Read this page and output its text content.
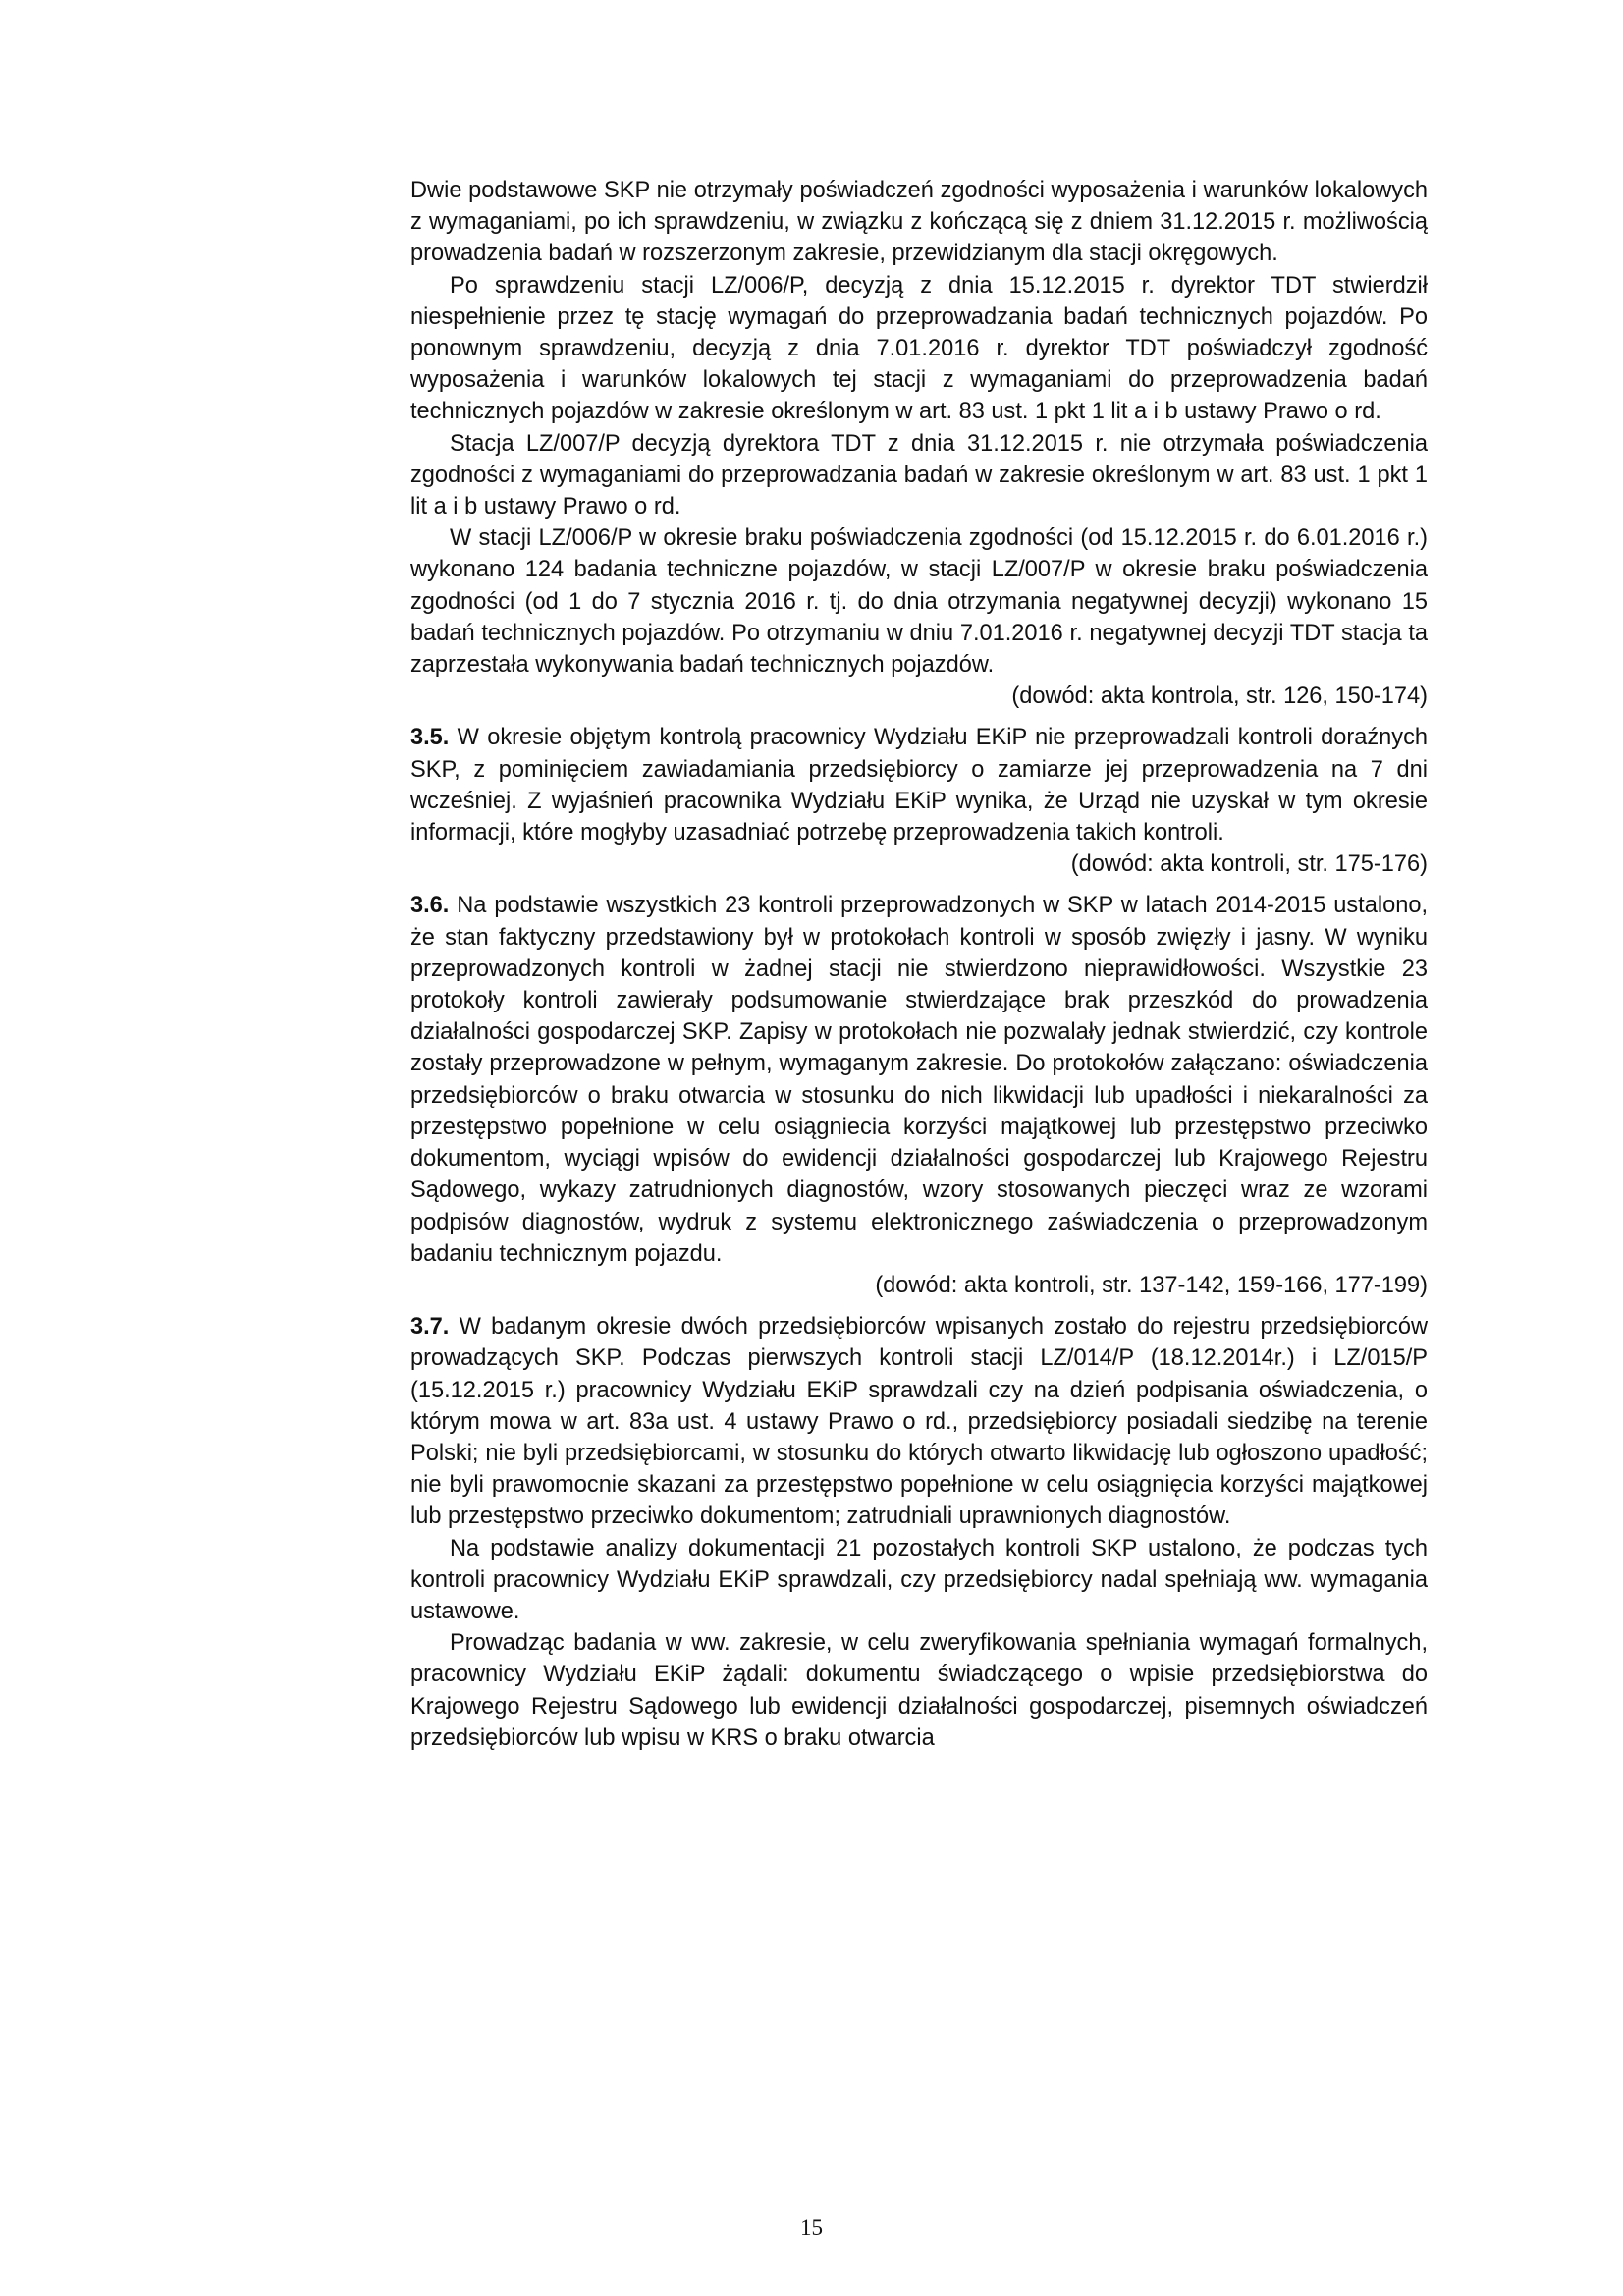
Dwie podstawowe SKP nie otrzymały poświadczeń zgodności wyposażenia i warunków lokalowych z wymaganiami, po ich sprawdzeniu, w związku z kończącą się z dniem 31.12.2015 r. możliwością prowadzenia badań w rozszerzonym zakresie, przewidzianym dla stacji okręgowych.

Po sprawdzeniu stacji LZ/006/P, decyzją z dnia 15.12.2015 r. dyrektor TDT stwierdził niespełnienie przez tę stację wymagań do przeprowadzania badań technicznych pojazdów. Po ponownym sprawdzeniu, decyzją z dnia 7.01.2016 r. dyrektor TDT poświadczył zgodność wyposażenia i warunków lokalowych tej stacji z wymaganiami do przeprowadzenia badań technicznych pojazdów w zakresie określonym w art. 83 ust. 1 pkt 1 lit a i b ustawy Prawo o rd.

Stacja LZ/007/P decyzją dyrektora TDT z dnia 31.12.2015 r. nie otrzymała poświadczenia zgodności z wymaganiami do przeprowadzania badań w zakresie określonym w art. 83 ust. 1 pkt 1 lit a i b ustawy Prawo o rd.

W stacji LZ/006/P w okresie braku poświadczenia zgodności (od 15.12.2015 r. do 6.01.2016 r.) wykonano 124 badania techniczne pojazdów, w stacji LZ/007/P w okresie braku poświadczenia zgodności (od 1 do 7 stycznia 2016 r. tj. do dnia otrzymania negatywnej decyzji) wykonano 15 badań technicznych pojazdów. Po otrzymaniu w dniu 7.01.2016 r. negatywnej decyzji TDT stacja ta zaprzestała wykonywania badań technicznych pojazdów.

(dowód: akta kontrola, str. 126, 150-174)

3.5. W okresie objętym kontrolą pracownicy Wydziału EKiP nie przeprowadzali kontroli doraźnych SKP, z pominięciem zawiadamiania przedsiębiorcy o zamiarze jej przeprowadzenia na 7 dni wcześniej. Z wyjaśnień pracownika Wydziału EKiP wynika, że Urząd nie uzyskał w tym okresie informacji, które mogłyby uzasadniać potrzebę przeprowadzenia takich kontroli.

(dowód: akta kontroli, str. 175-176)

3.6. Na podstawie wszystkich 23 kontroli przeprowadzonych w SKP w latach 2014-2015 ustalono, że stan faktyczny przedstawiony był w protokołach kontroli w sposób zwięzły i jasny. W wyniku przeprowadzonych kontroli w żadnej stacji nie stwierdzono nieprawidłowości. Wszystkie 23 protokoły kontroli zawierały podsumowanie stwierdzające brak przeszkód do prowadzenia działalności gospodarczej SKP. Zapisy w protokołach nie pozwalały jednak stwierdzić, czy kontrole zostały przeprowadzone w pełnym, wymaganym zakresie. Do protokołów załączano: oświadczenia przedsiębiorców o braku otwarcia w stosunku do nich likwidacji lub upadłości i niekaralności za przestępstwo popełnione w celu osiągniecia korzyści majątkowej lub przestępstwo przeciwko dokumentom, wyciągi wpisów do ewidencji działalności gospodarczej lub Krajowego Rejestru Sądowego, wykazy zatrudnionych diagnostów, wzory stosowanych pieczęci wraz ze wzorami podpisów diagnostów, wydruk z systemu elektronicznego zaświadczenia o przeprowadzonym badaniu technicznym pojazdu.

(dowód: akta kontroli, str. 137-142, 159-166, 177-199)

3.7. W badanym okresie dwóch przedsiębiorców wpisanych zostało do rejestru przedsiębiorców prowadzących SKP. Podczas pierwszych kontroli stacji LZ/014/P (18.12.2014r.) i LZ/015/P (15.12.2015 r.) pracownicy Wydziału EKiP sprawdzali czy na dzień podpisania oświadczenia, o którym mowa w art. 83a ust. 4 ustawy Prawo o rd., przedsiębiorcy posiadali siedzibę na terenie Polski; nie byli przedsiębiorcami, w stosunku do których otwarto likwidację lub ogłoszono upadłość; nie byli prawomocnie skazani za przestępstwo popełnione w celu osiągnięcia korzyści majątkowej lub przestępstwo przeciwko dokumentom; zatrudniali uprawnionych diagnostów.

Na podstawie analizy dokumentacji 21 pozostałych kontroli SKP ustalono, że podczas tych kontroli pracownicy Wydziału EKiP sprawdzali, czy przedsiębiorcy nadal spełniają ww. wymagania ustawowe.

Prowadząc badania w ww. zakresie, w celu zweryfikowania spełniania wymagań formalnych, pracownicy Wydziału EKiP żądali: dokumentu świadczącego o wpisie przedsiębiorstwa do Krajowego Rejestru Sądowego lub ewidencji działalności gospodarczej, pisemnych oświadczeń przedsiębiorców lub wpisu w KRS o braku otwarcia

15
